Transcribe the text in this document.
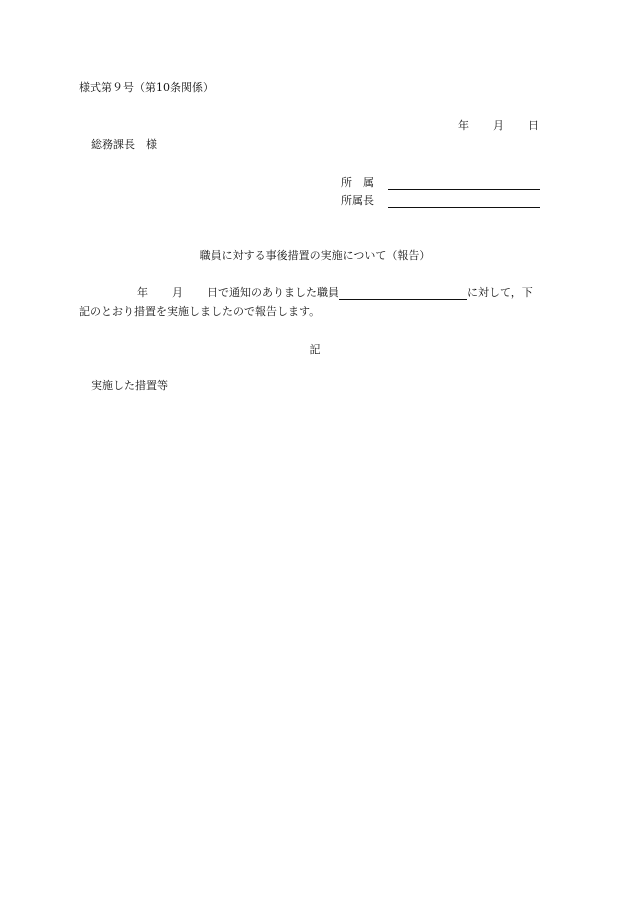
様式第９号（第10条関係）
年 月 日
総務課長　様
所　属
所属長
職員に対する事後措置の実施について（報告）
年 月 日で通知のありました職員	に対して，下
記のとおり措置を実施しましたので報告します。
記
実施した措置等
